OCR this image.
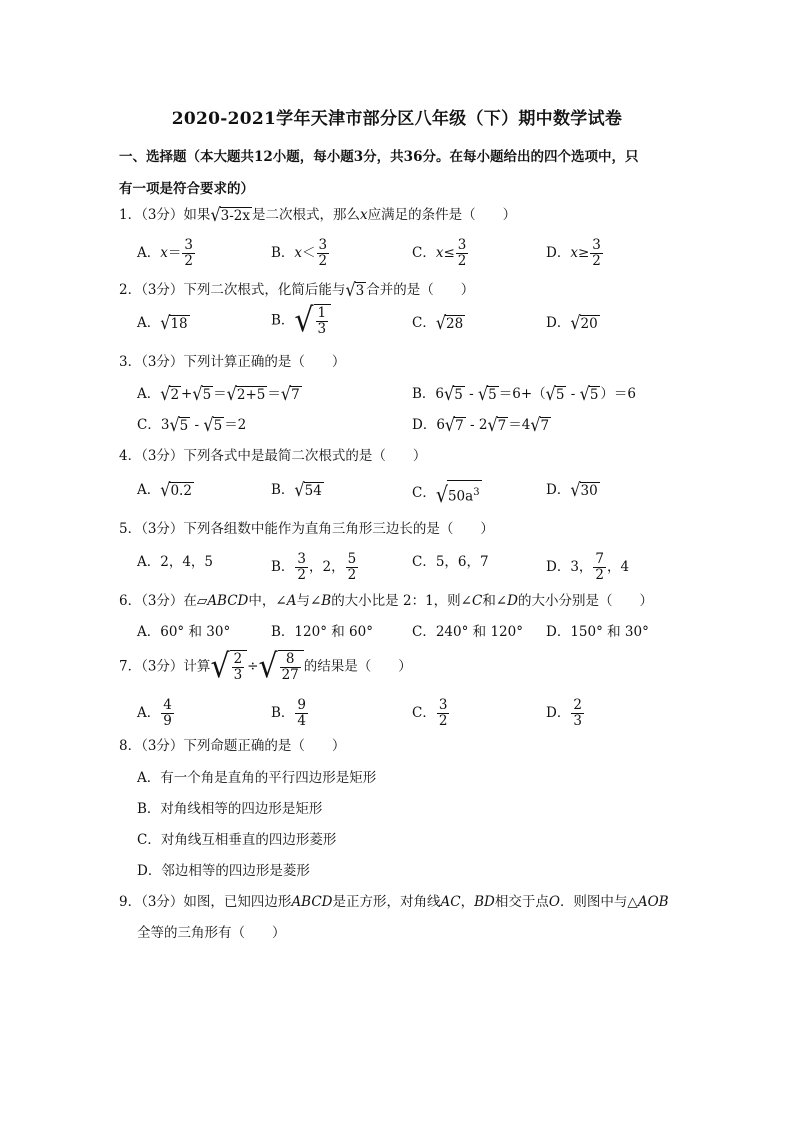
2020-2021学年天津市部分区八年级（下）期中数学试卷
一、选择题（本大题共12小题，每小题3分，共36分。在每小题给出的四个选项中，只
有一项是符合要求的）
1．（3分）如果√3-2x 是二次根式，那么x应满足的条件是（　　）
A．$x= \frac{3}{2}$	B．$x< \frac{3}{2}$	C．$x\le \frac{3}{2}$	D．$x\ge \frac{3}{2}$
2．（3分）下列二次根式，化简后能与√3 合并的是（　　）
A．√18	B． √ $\frac{1}{3}$	C．√28	D．√20
3．（3分）下列计算正确的是（　　）
A．√2 +√5 ＝√2+5 ＝√7	B．6√5 - √5 ＝6+（√5 - √5 ）＝6
C．3√5 - √5 ＝2	D．6√7 - 2√7 ＝4√7
4．（3分）下列各式中是最简二次根式的是（　　）
A．√0.2	B．√54	C．$√50a^3$	D．√30
5．（3分）下列各组数中能作为直角三角形三边长的是（　　）
A．2，4，5	B． $\frac{3}{2}$ ，2， $\frac{5}{2}$	C．5，6，7	D．3， $\frac{7}{2}$ ，4
6．（3分）在▱ABCD中，∠A与∠B的大小比是 2：1，则∠C和∠D的大小分别是（　　）
A．60° 和 30°	B．120° 和 60°	C．240° 和 120° D．150° 和 30°
7．（3分）计算 √ $\frac{2}{3}$ ÷ √ $\frac{8}{27}$ 的结果是（　　）
A． $\frac{4}{9}$	B． $\frac{9}{4}$	C． $\frac{3}{2}$	D． $\frac{2}{3}$
8．（3分）下列命题正确的是（　　）
A．有一个角是直角的平行四边形是矩形
B．对角线相等的四边形是矩形
C．对角线互相垂直的四边形菱形
D．邻边相等的四边形是菱形
9．（3分）如图，已知四边形ABCD是正方形，对角线AC，BD相交于点O．则图中与△AOB
全等的三角形有（　　）
